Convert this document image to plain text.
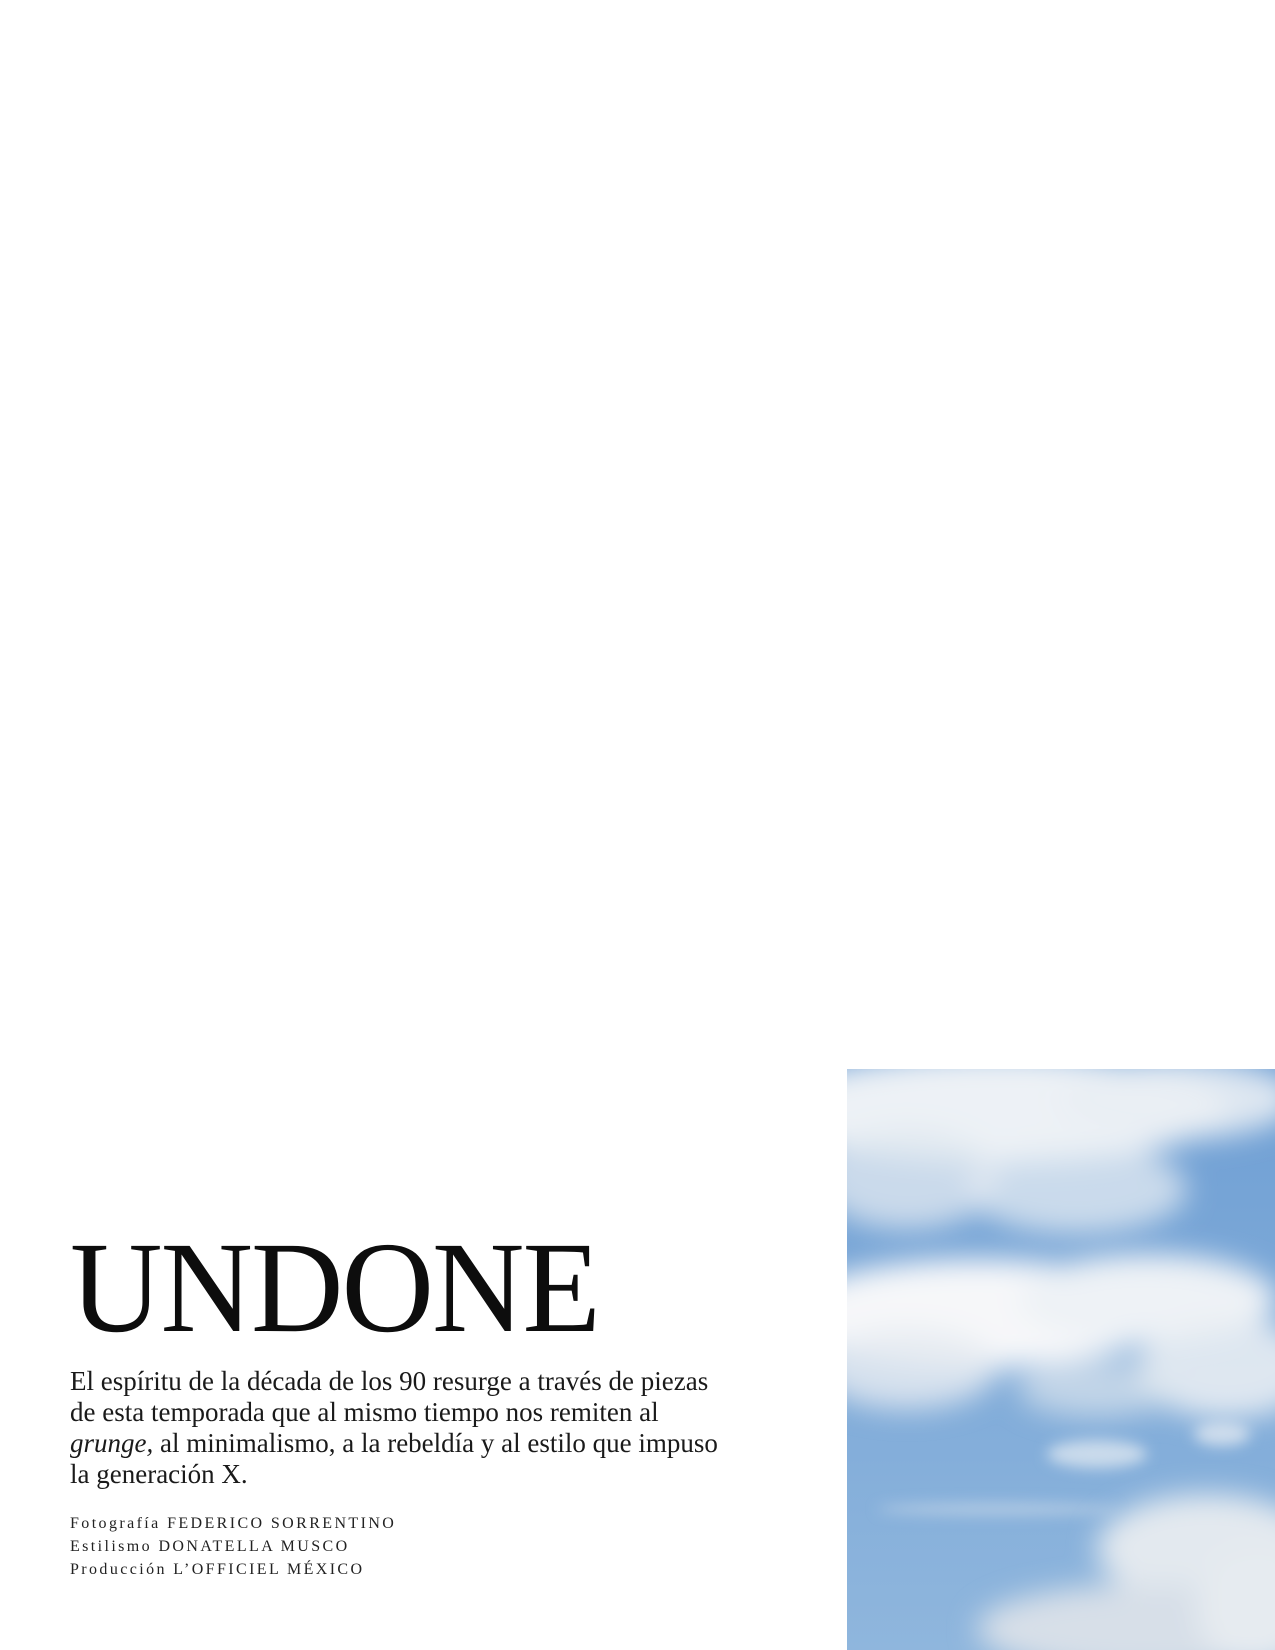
UNDONE

El espíritu de la década de los 90 resurge a través de piezas de esta temporada que al mismo tiempo nos remiten al grunge, al minimalismo, a la rebeldía y al estilo que impuso la generación X.

Fotografía FEDERICO SORRENTINO
Estilismo DONATELLA MUSCO
Producción L’OFFICIEL MÉXICO
